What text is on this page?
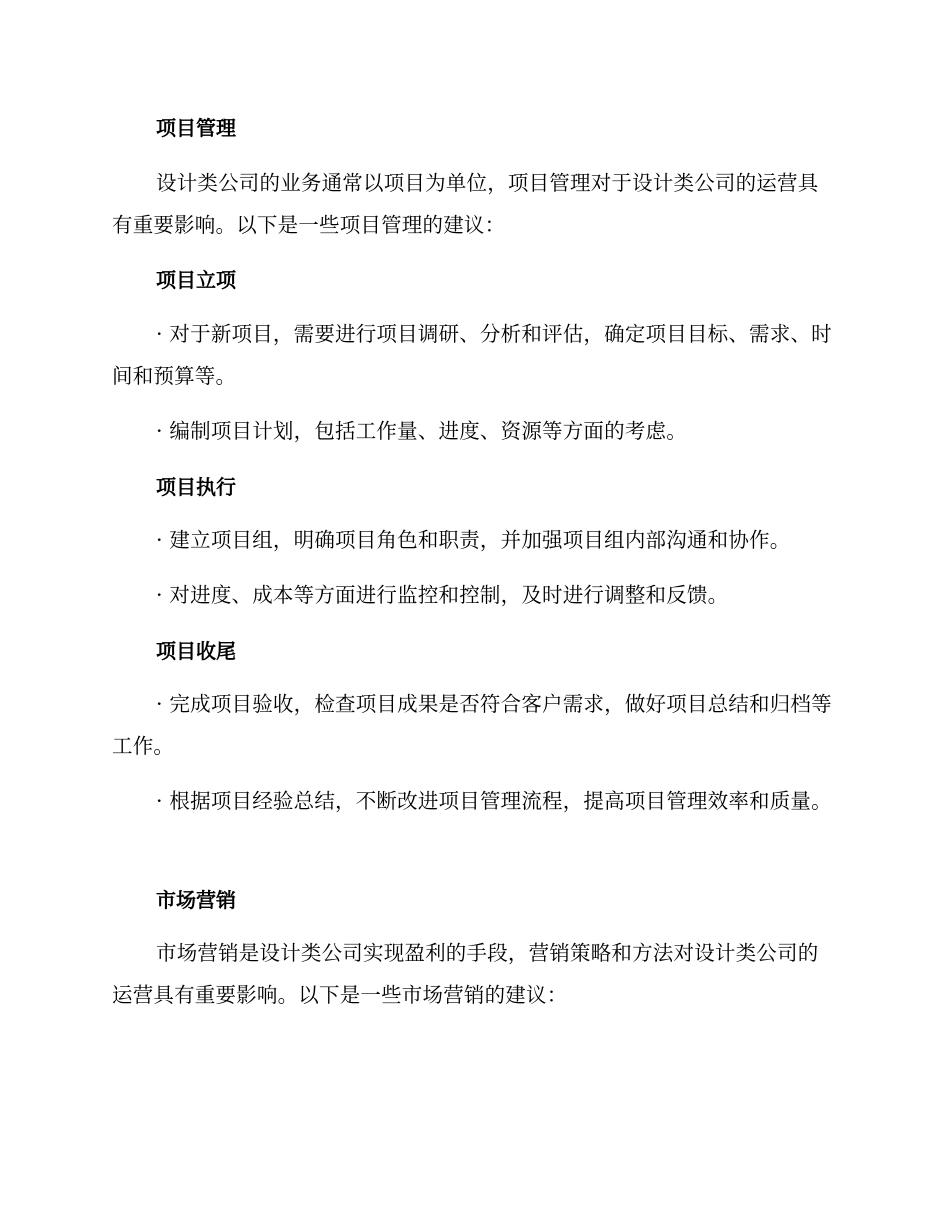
项目管理
设计类公司的业务通常以项目为单位，项目管理对于设计类公司的运营具有重要影响。以下是一些项目管理的建议：
项目立项
· 对于新项目，需要进行项目调研、分析和评估，确定项目目标、需求、时间和预算等。
· 编制项目计划，包括工作量、进度、资源等方面的考虑。
项目执行
· 建立项目组，明确项目角色和职责，并加强项目组内部沟通和协作。
· 对进度、成本等方面进行监控和控制，及时进行调整和反馈。
项目收尾
· 完成项目验收，检查项目成果是否符合客户需求，做好项目总结和归档等工作。
· 根据项目经验总结，不断改进项目管理流程，提高项目管理效率和质量。
市场营销
市场营销是设计类公司实现盈利的手段，营销策略和方法对设计类公司的运营具有重要影响。以下是一些市场营销的建议：
